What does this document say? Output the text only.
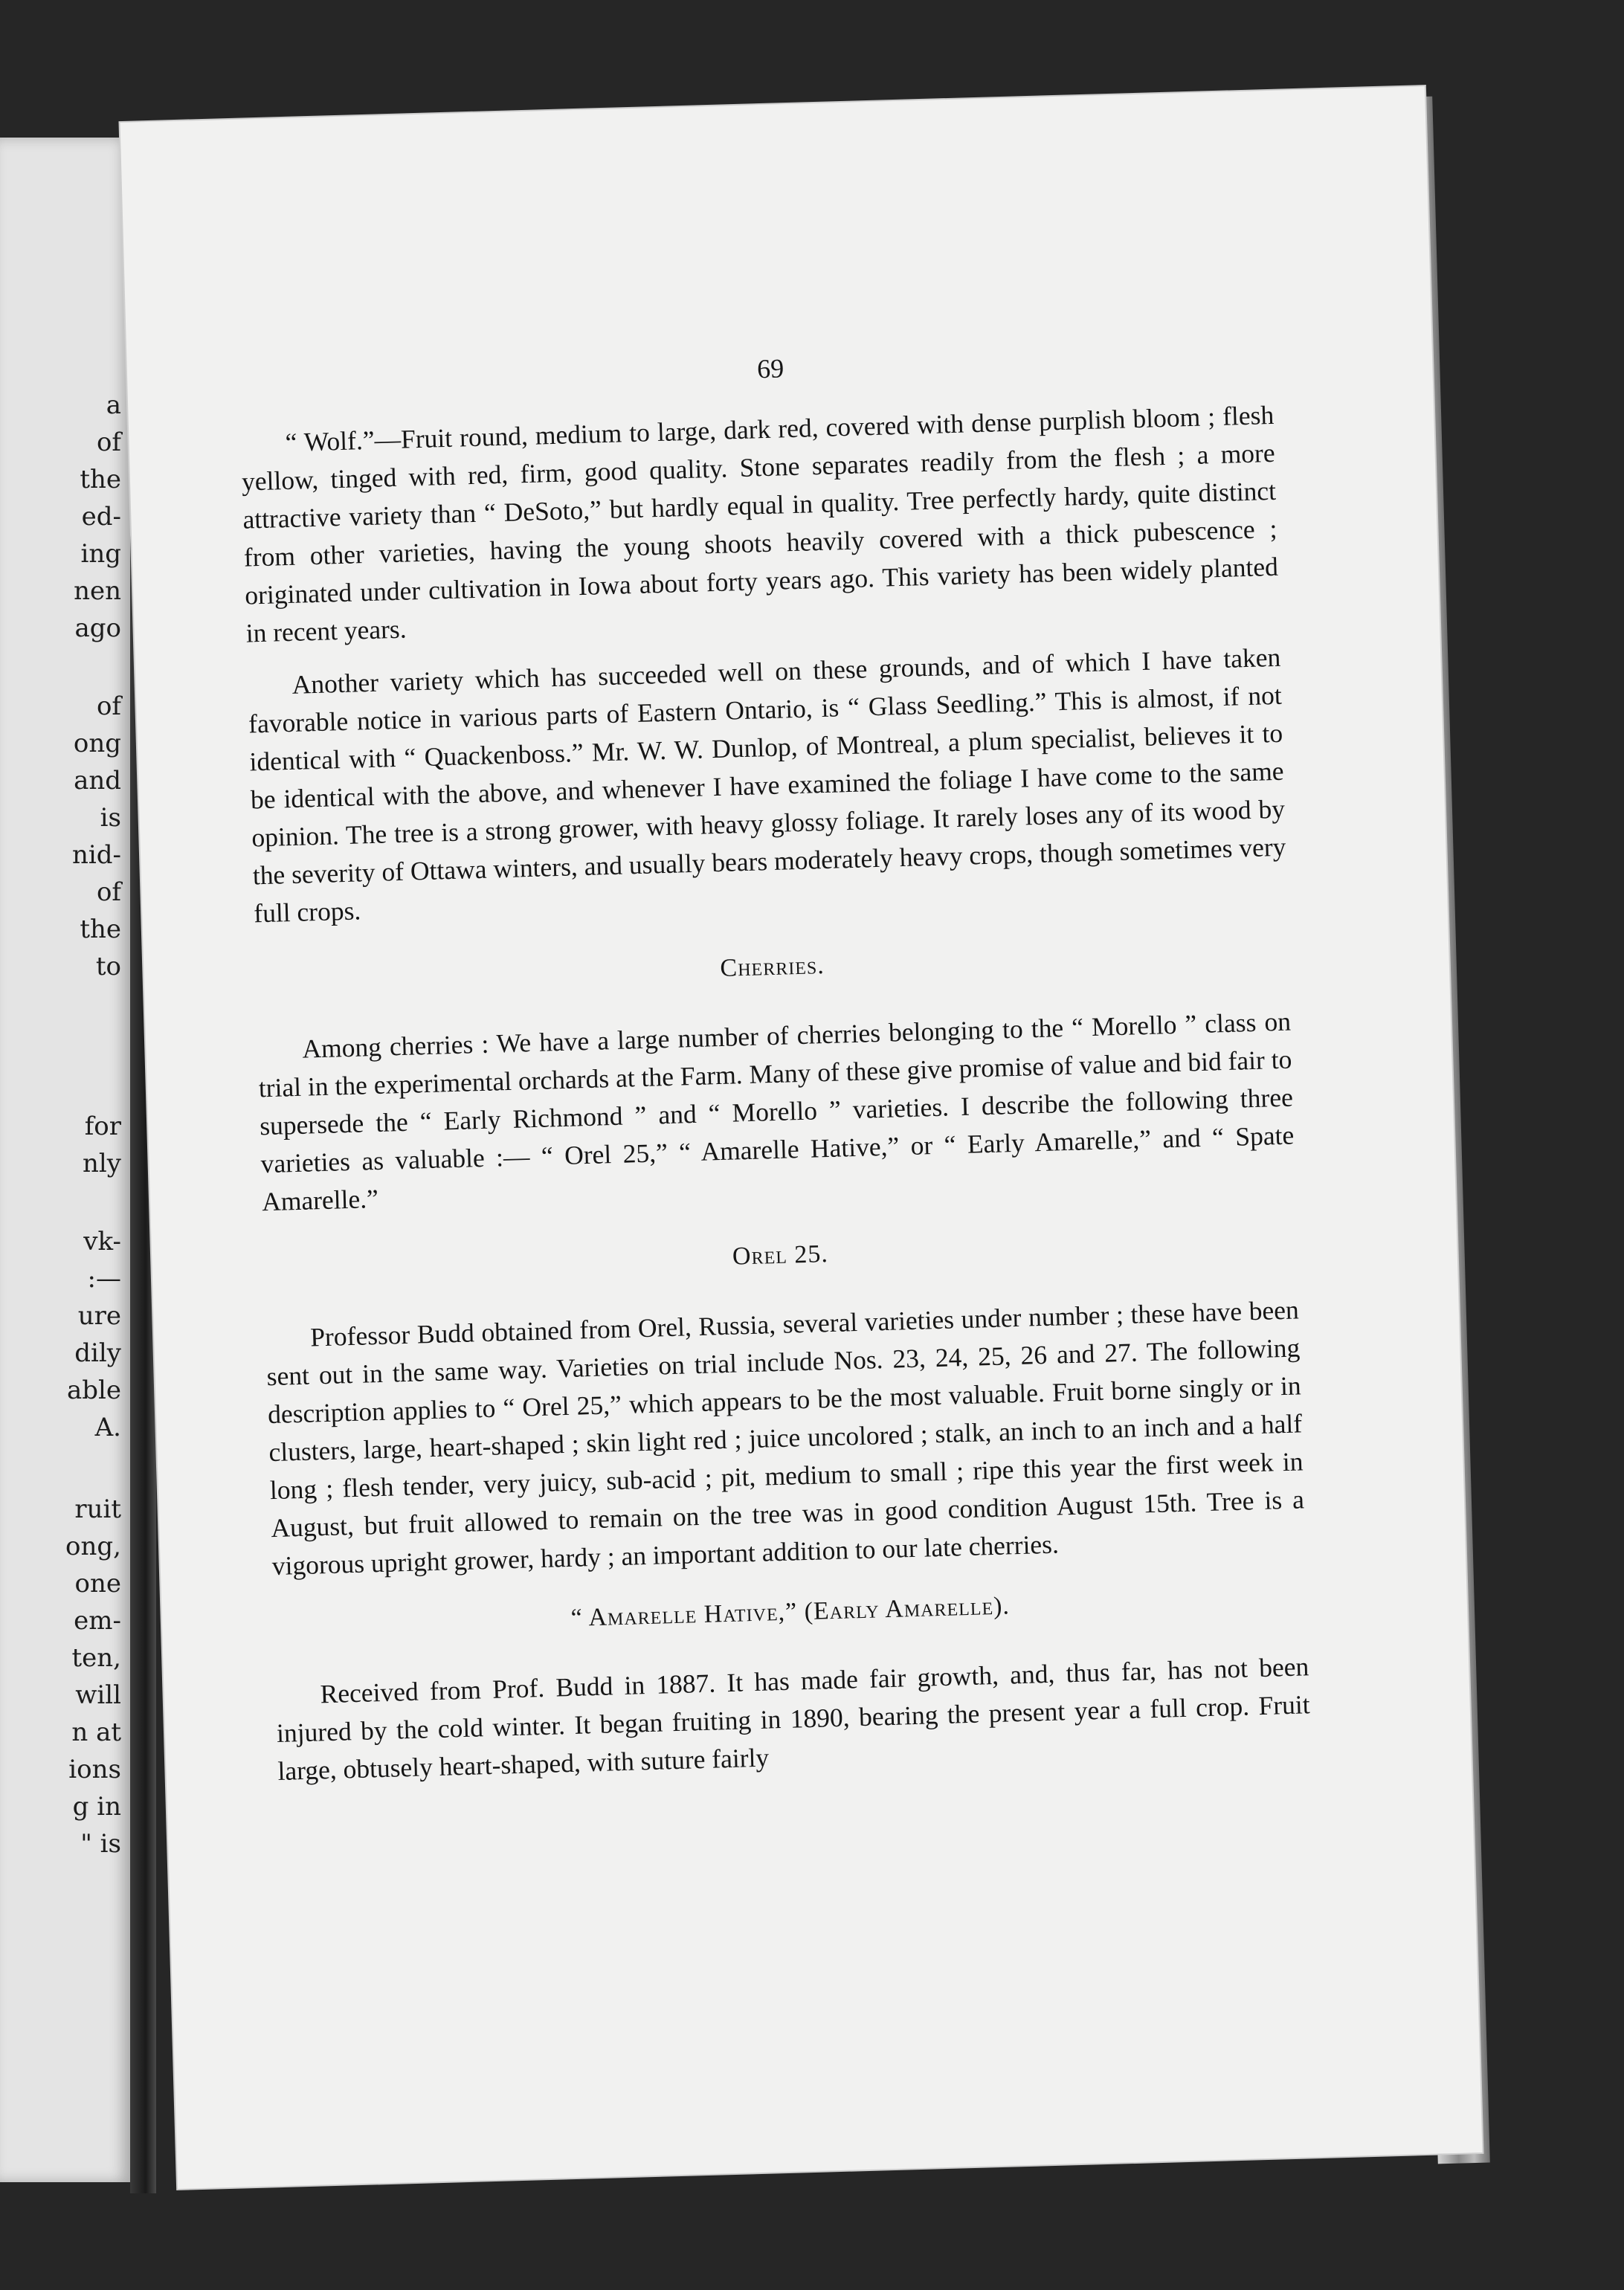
a
of
the
ed-
ing
nen
ago
of
ong
and
is
nid-
of
the
to
for
nly
vk-
:—
ure
dily
able
A.
ruit
ong,
one
em-
ten,
will
n at
ions
g in
" is
69

“ Wolf.”—Fruit round, medium to large, dark red, covered with dense purplish bloom ; flesh yellow, tinged with red, firm, good quality. Stone separates readily from the flesh ; a more attractive variety than “ DeSoto,” but hardly equal in quality. Tree perfectly hardy, quite distinct from other varieties, having the young shoots heavily covered with a thick pubescence ; originated under cultivation in Iowa about forty years ago. This variety has been widely planted in recent years.

Another variety which has succeeded well on these grounds, and of which I have taken favorable notice in various parts of Eastern Ontario, is “ Glass Seedling.” This is almost, if not identical with “ Quackenboss.” Mr. W. W. Dunlop, of Montreal, a plum specialist, believes it to be identical with the above, and whenever I have examined the foliage I have come to the same opinion. The tree is a strong grower, with heavy glossy foliage. It rarely loses any of its wood by the severity of Ottawa winters, and usually bears moderately heavy crops, though sometimes very full crops.

Cherries.

Among cherries : We have a large number of cherries belonging to the “ Morello ” class on trial in the experimental orchards at the Farm. Many of these give promise of value and bid fair to supersede the “ Early Richmond ” and “ Morello ” varieties. I describe the following three varieties as valuable :— “ Orel 25,” “ Amarelle Hative,” or “ Early Amarelle,” and “ Spate Amarelle.”

Orel 25.

Professor Budd obtained from Orel, Russia, several varieties under number ; these have been sent out in the same way. Varieties on trial include Nos. 23, 24, 25, 26 and 27. The following description applies to “ Orel 25,” which appears to be the most valuable. Fruit borne singly or in clusters, large, heart-shaped ; skin light red ; juice uncolored ; stalk, an inch to an inch and a half long ; flesh tender, very juicy, sub-acid ; pit, medium to small ; ripe this year the first week in August, but fruit allowed to remain on the tree was in good condition August 15th. Tree is a vigorous upright grower, hardy ; an important addition to our late cherries.

“ Amarelle Hative,” (Early Amarelle).

Received from Prof. Budd in 1887. It has made fair growth, and, thus far, has not been injured by the cold winter. It began fruiting in 1890, bearing the present year a full crop. Fruit large, obtusely heart-shaped, with suture fairly
